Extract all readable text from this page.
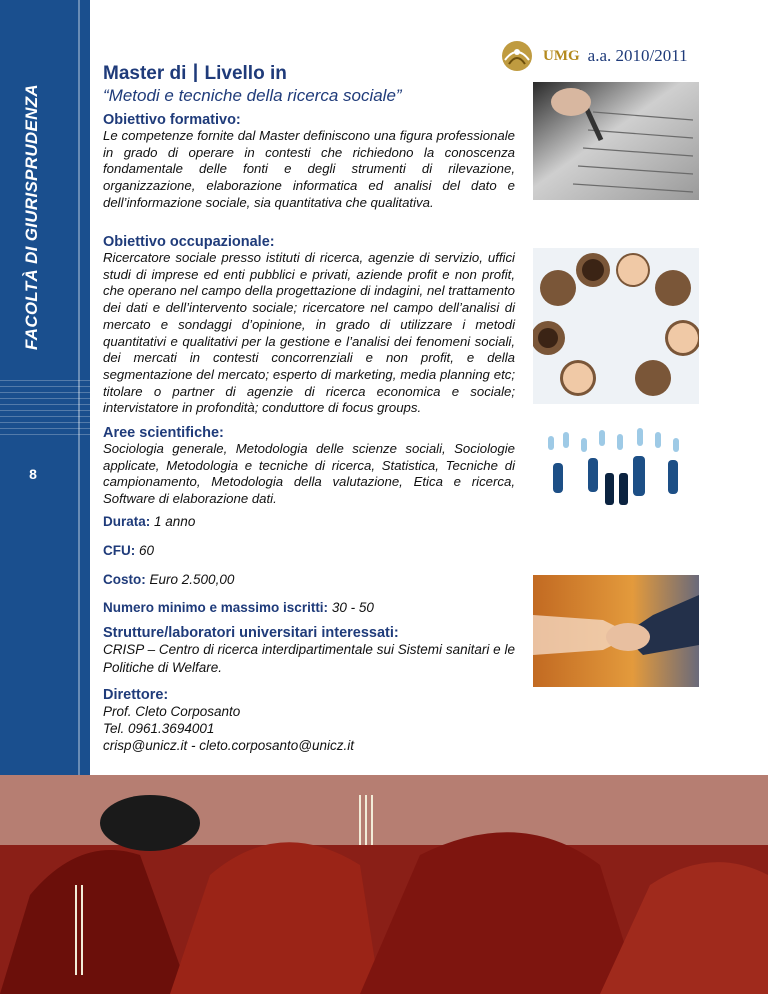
FACOLTÀ DI GIURISPRUDENZA
8
UMG a.a. 2010/2011
Master di I Livello in
“Metodi e tecniche della ricerca sociale”
Obiettivo formativo:
Le competenze fornite dal Master definiscono una figura professionale in grado di operare in contesti che richiedono la conoscenza fondamentale delle fonti e degli strumenti di rilevazione, organizzazione, elaborazione informatica ed analisi del dato e dell’informazione sociale, sia quantitativa che qualitativa.
Obiettivo occupazionale:
Ricercatore sociale presso istituti di ricerca, agenzie di servizio, uffici studi di imprese ed enti pubblici e privati, aziende profit e non profit, che operano nel campo della progettazione di indagini, nel trattamento dei dati e dell’intervento sociale; ricercatore nel campo dell’analisi di mercato e sondaggi d’opinione, in grado di utilizzare i metodi quantitativi e qualitativi per la gestione e l’analisi dei fenomeni sociali, dei mercati in contesti concorrenziali e non profit, e della segmentazione del mercato; esperto di marketing, media planning etc; titolare o partner di agenzie di ricerca economica e sociale; intervistatore in profondità; conduttore di focus groups.
Aree scientifiche:
Sociologia generale, Metodologia delle scienze sociali, Sociologie applicate, Metodologia e tecniche di ricerca, Statistica, Tecniche di campionamento, Metodologia della valutazione, Etica e ricerca, Software di elaborazione dati.
Durata: 1 anno
CFU: 60
Costo: Euro 2.500,00
Numero minimo e massimo iscritti: 30 - 50
Strutture/laboratori universitari interessati:
CRISP – Centro di ricerca interdipartimentale sui Sistemi sanitari e le Politiche di Welfare.
Direttore:
Prof. Cleto Corposanto
Tel. 0961.3694001
crisp@unicz.it - cleto.corposanto@unicz.it
